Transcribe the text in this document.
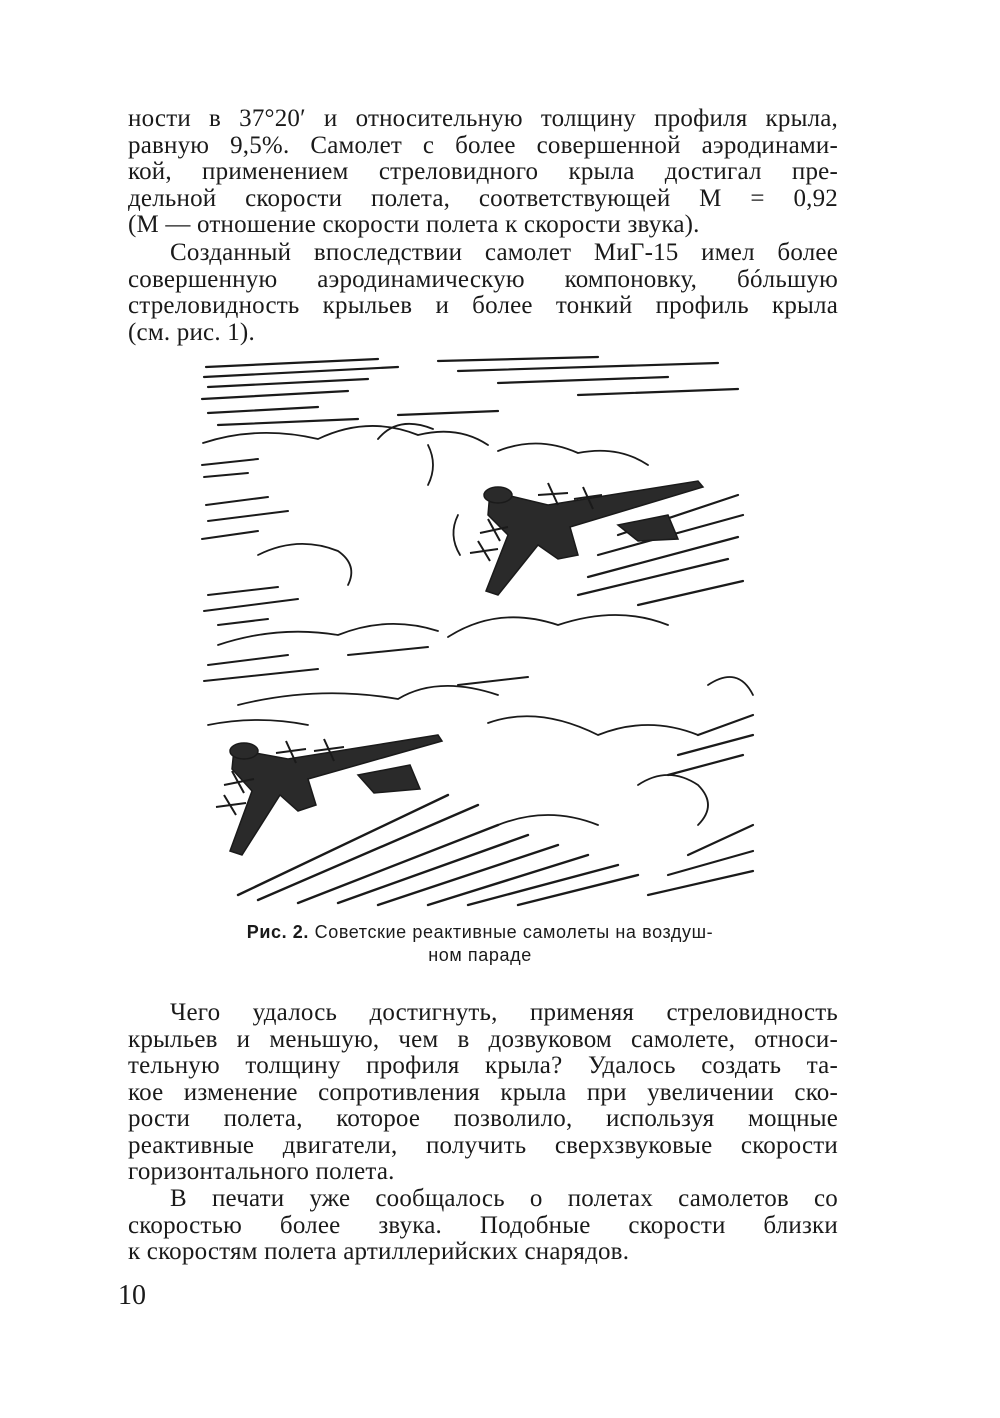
ности в 37°20′ и относительную толщину профиля крыла,
равную 9,5%. Самолет с более совершенной аэродинами-
кой, применением стреловидного крыла достигал пре-
дельной скорости полета, соответствующей M = 0,92
(M — отношение скорости полета к скорости звука).
Созданный впоследствии самолет МиГ-15 имел более
совершенную аэродинамическую компоновку, бóльшую
стреловидность крыльев и более тонкий профиль крыла
(см. рис. 1).
Рис. 2. Советские реактивные самолеты на воздуш-
ном параде
Чего удалось достигнуть, применяя стреловидность
крыльев и меньшую, чем в дозвуковом самолете, относи-
тельную толщину профиля крыла? Удалось создать та-
кое изменение сопротивления крыла при увеличении ско-
рости полета, которое позволило, используя мощные
реактивные двигатели, получить сверхзвуковые скорости
горизонтального полета.
В печати уже сообщалось о полетах самолетов со
скоростью более звука. Подобные скорости близки
к скоростям полета артиллерийских снарядов.
10
